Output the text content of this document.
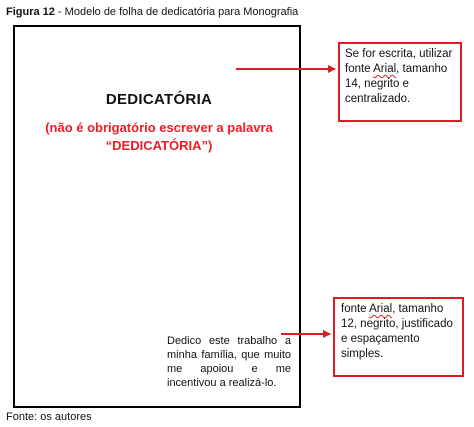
Figura 12 - Modelo de folha de dedicatória para Monografia
DEDICATÓRIA
(não é obrigatório escrever a palavra “DEDICATÓRIA”)
Dedico este trabalho a minha família, que muito me apoiou e me incentivou a realizá-lo.
Se for escrita, utilizar fonte Arial, tamanho 14, negrito e centralizado.
fonte Arial, tamanho 12, negrito, justificado e espaçamento simples.
Fonte: os autores
